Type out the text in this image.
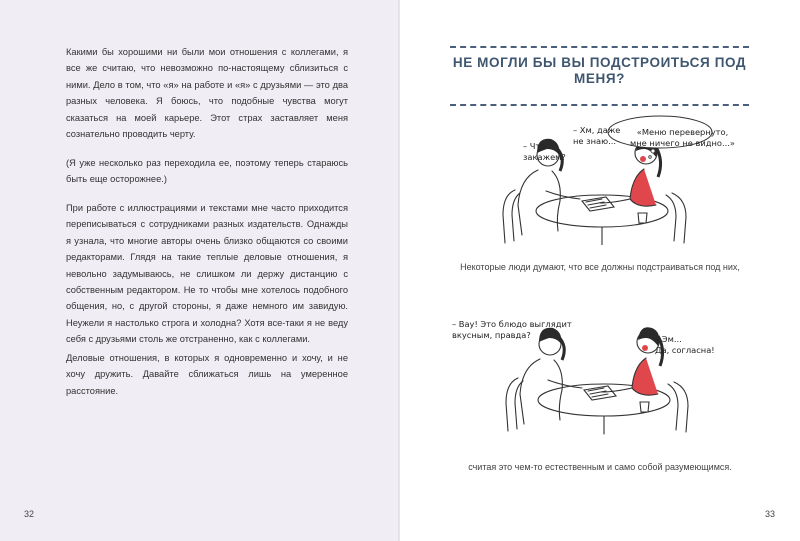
Какими бы хорошими ни были мои отношения с коллегами, я все же считаю, что невозможно по-настоящему сблизиться с ними. Дело в том, что «я» на работе и «я» с друзьями — это два разных человека. Я боюсь, что подобные чувства могут сказаться на моей карьере. Этот страх заставляет меня сознательно проводить черту.

(Я уже несколько раз переходила ее, поэтому теперь стараюсь быть еще осторожнее.)

При работе с иллюстрациями и текстами мне часто приходится переписываться с сотрудниками разных издательств. Однажды я узнала, что многие авторы очень близко общаются со своими редакторами. Глядя на такие теплые деловые отношения, я невольно задумываюсь, не слишком ли держу дистанцию с собственным редактором. Не то чтобы мне хотелось подобного общения, но, с другой стороны, я даже немного им завидую. Неужели я настолько строга и холодна? Хотя все-таки я не веду себя с друзьями столь же отстраненно, как с коллегами.

Деловые отношения, в которых я одновременно и хочу, и не хочу дружить. Давайте сближаться лишь на умеренное расстояние.

32
НЕ МОГЛИ БЫ ВЫ ПОДСТРОИТЬСЯ ПОД МЕНЯ?
– Что
закажем?
– Хм, даже
не знаю...
«Меню перевернуто,
мне ничего не видно...»

Некоторые люди думают, что все должны подстраиваться под них,

– Вау! Это блюдо выглядит
вкусным, правда?	– Эм...
Да, согласна!

считая это чем-то естественным и само собой разумеющимся.

33
